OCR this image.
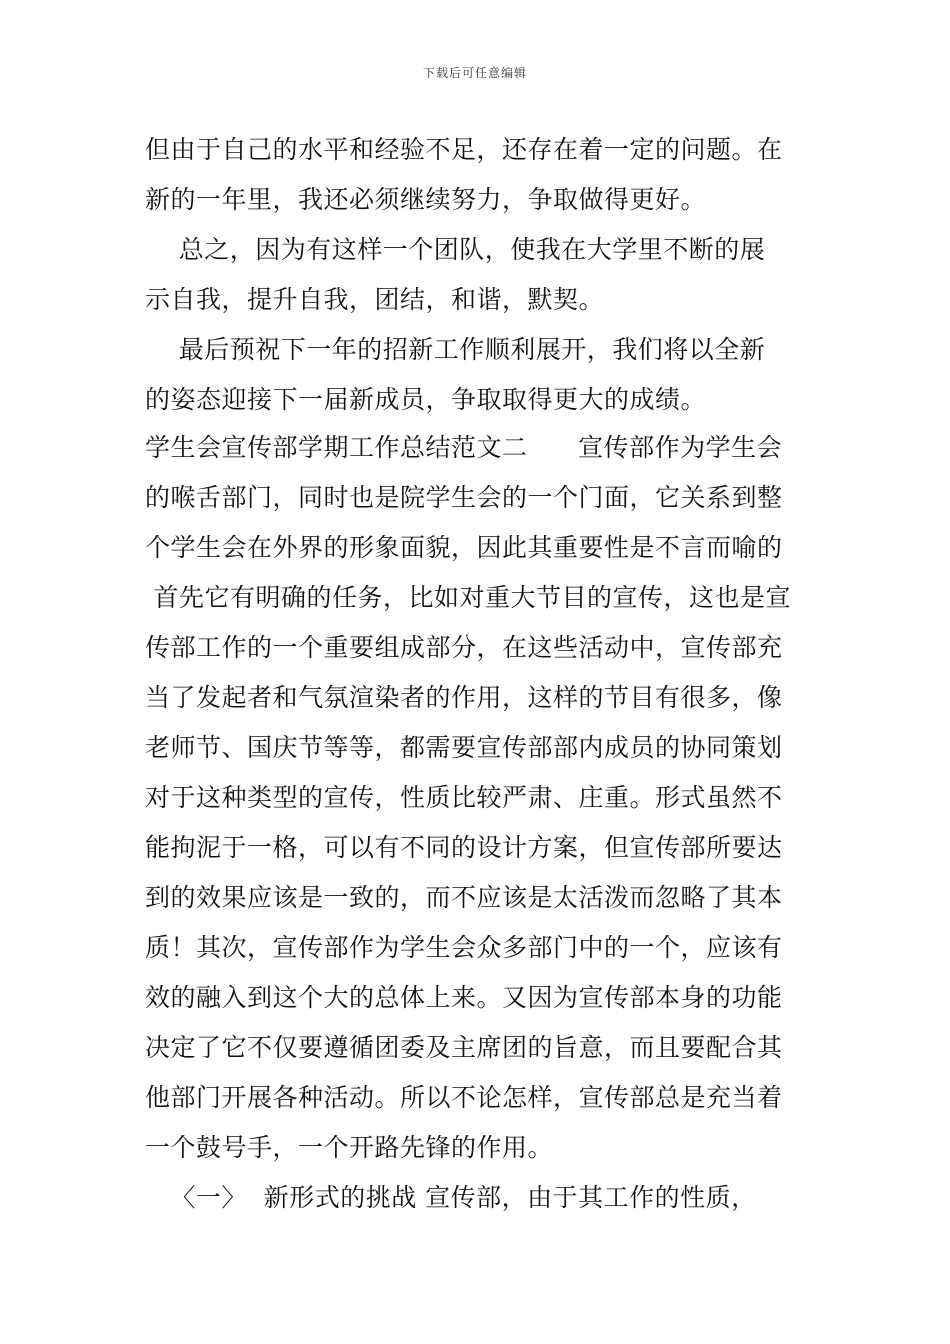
下载后可任意编辑
但由于自己的水平和经验不足，还存在着一定的问题。在
新的一年里，我还必须继续努力，争取做得更好。
总之，因为有这样一个团队，使我在大学里不断的展
示自我，提升自我，团结，和谐，默契。
最后预祝下一年的招新工作顺利展开，我们将以全新
的姿态迎接下一届新成员，争取取得更大的成绩。
学生会宣传部学期工作总结范文二      宣传部作为学生会
的喉舌部门，同时也是院学生会的一个门面，它关系到整
个学生会在外界的形象面貌，因此其重要性是不言而喻的
首先它有明确的任务，比如对重大节目的宣传，这也是宣
传部工作的一个重要组成部分，在这些活动中，宣传部充
当了发起者和气氛渲染者的作用，这样的节目有很多，像
老师节、国庆节等等，都需要宣传部部内成员的协同策划
对于这种类型的宣传，性质比较严肃、庄重。形式虽然不
能拘泥于一格，可以有不同的设计方案，但宣传部所要达
到的效果应该是一致的，而不应该是太活泼而忽略了其本
质！其次，宣传部作为学生会众多部门中的一个，应该有
效的融入到这个大的总体上来。又因为宣传部本身的功能
决定了它不仅要遵循团委及主席团的旨意，而且要配合其
他部门开展各种活动。所以不论怎样，宣传部总是充当着
一个鼓号手，一个开路先锋的作用。
〈一〉  新形式的挑战 宣传部，由于其工作的性质，
